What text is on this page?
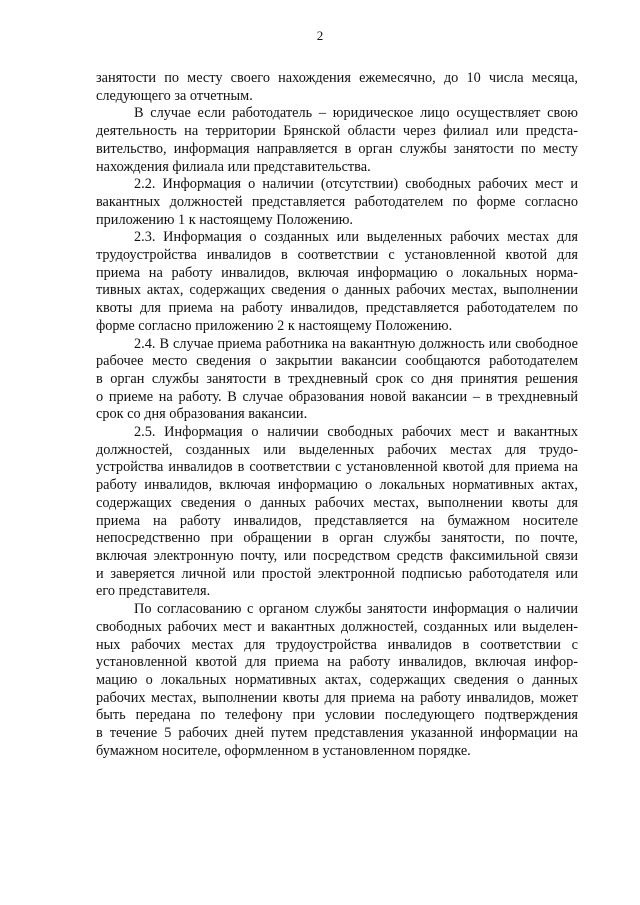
2

занятости по месту своего нахождения ежемесячно, до 10 числа месяца,
следующего за отчетным.

В случае если работодатель – юридическое лицо осуществляет свою
деятельность на территории Брянской области через филиал или предста-
вительство, информация направляется в орган службы занятости по месту
нахождения филиала или представительства.

2.2. Информация о наличии (отсутствии) свободных рабочих мест и
вакантных должностей представляется работодателем по форме согласно
приложению 1 к настоящему Положению.

2.3. Информация о созданных или выделенных рабочих местах для
трудоустройства инвалидов в соответствии с установленной квотой для
приема на работу инвалидов, включая информацию о локальных норма-
тивных актах, содержащих сведения о данных рабочих местах, выполнении
квоты для приема на работу инвалидов, представляется работодателем по
форме согласно приложению 2 к настоящему Положению.

2.4. В случае приема работника на вакантную должность или свободное
рабочее место сведения о закрытии вакансии сообщаются работодателем
в орган службы занятости в трехдневный срок со дня принятия решения
о приеме на работу. В случае образования новой вакансии – в трехдневный
срок со дня образования вакансии.

2.5. Информация о наличии свободных рабочих мест и вакантных
должностей, созданных или выделенных рабочих местах для трудо-
устройства инвалидов в соответствии с установленной квотой для приема на
работу инвалидов, включая информацию о локальных нормативных актах,
содержащих сведения о данных рабочих местах, выполнении квоты для
приема на работу инвалидов, представляется на бумажном носителе
непосредственно при обращении в орган службы занятости, по почте,
включая электронную почту, или посредством средств факсимильной связи
и заверяется личной или простой электронной подписью работодателя или
его представителя.

По согласованию с органом службы занятости информация о наличии
свободных рабочих мест и вакантных должностей, созданных или выделен-
ных рабочих местах для трудоустройства инвалидов в соответствии с
установленной квотой для приема на работу инвалидов, включая инфор-
мацию о локальных нормативных актах, содержащих сведения о данных
рабочих местах, выполнении квоты для приема на работу инвалидов, может
быть передана по телефону при условии последующего подтверждения
в течение 5 рабочих дней путем представления указанной информации на
бумажном носителе, оформленном в установленном порядке.
